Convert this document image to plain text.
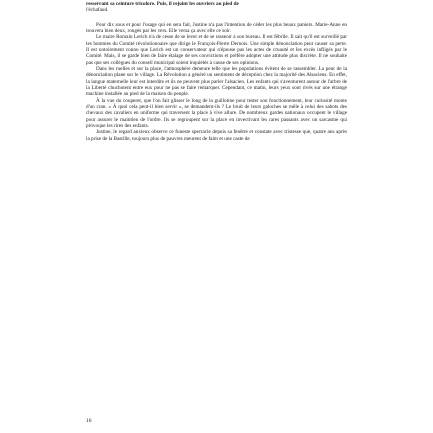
resserrant sa ceinture tricolore. Puis, il rejoint les ouvriers au pied de
l'échafaud.

Pour dix sous et pour l'usage qui en sera fait, Justine n'a pas l'intention de céder les plus beaux paniers. Marie-Anne en trouvera bien deux, rongés par les vers. Elle versa ça avec elle ce soir.

Le maire Romain Lerich n'a de cesse de se lever et de se rasseoir à son bureau. Il est fébrile. Il sait qu'il est surveillé par les hommes du Comité révolutionnaire que dirige le François-Pierre Dernois. Une simple dénonciation peut causer sa perte. Il est notoirement connu que Lerich est un conservateur qui n'épouse pas les actes de cruauté et les excès infligés par le Comité. Mais, il se garde bien de faire étalage de ses convictions et préfère adopter une attitude plus discrète. Il ne souhaite pas que ses collègues du conseil municipal soient inquiétés à cause de ses opinions.

Dans les ruelles et sur la place, l'atmosphère demeure telle que les populations évitent de se rassembler. La peur de la dénonciation plane sur le village. La Révolution a généré un sentiment de déception chez la majorité des Alsaciens. En effet, la langue maternelle leur est interdite et ils ne peuvent plus parler l'alsacien. Les enfants qui s'aventurent autour de l'arbre de la Liberté chuchotent entre eux pour ne pas se faire remarquer. Cependant, ce matin, leurs yeux sont rivés sur une étrange machine installée au pied de la maison du peuple.

À la vue du couperet, que l'on fait glisser le long de la guillotine pour tester son fonctionnement, leur curiosité monte d'un cran. « À quoi cela peut-il bien servir », se demandent-ils ? Le bruit de leurs galoches se mêle à celui des sabots des chevaux des cavaliers en uniforme qui traversent la place à vive allure. De nombreux gardes nationaux occupent le village pour assurer le maintien de l'ordre. Ils se regroupent sur la place en invectivant les rares passants avec un sarcasme qui provoque les rires des enfants.

Justine, le regard anxieux observe ce funeste spectacle depuis sa fenêtre et constate avec tristesse que, quatre ans après la prise de la Bastille, toujours plus de pauvres meurent de faim et une caste de

16
